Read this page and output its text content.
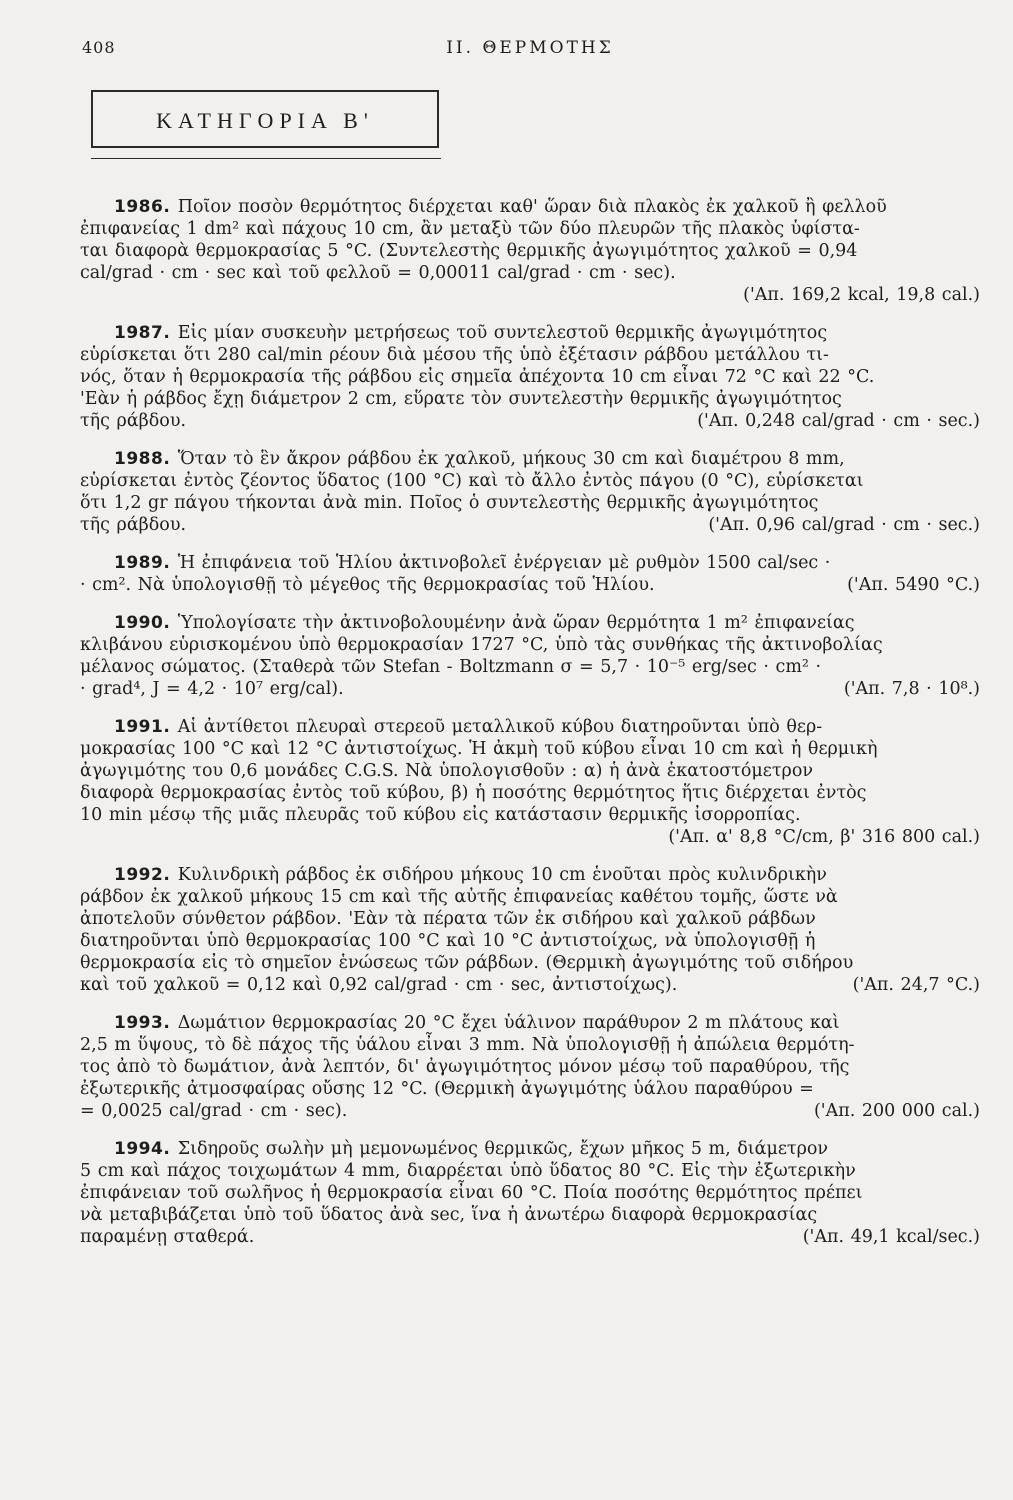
408	II. ΘΕΡΜΟΤΗΣ
ΚΑΤΗΓΟΡΙΑ Β'
1986. Ποῖον ποσὸν θερμότητος διέρχεται καθ' ὥραν διὰ πλακὸς ἐκ χαλκοῦ ἢ φελλοῦ
ἐπιφανείας 1 dm² καὶ πάχους 10 cm, ἂν μεταξὺ τῶν δύο πλευρῶν τῆς πλακὸς ὑφίστα-
ται διαφορὰ θερμοκρασίας 5 °C. (Συντελεστὴς θερμικῆς ἀγωγιμότητος χαλκοῦ = 0,94
cal/grad · cm · sec καὶ τοῦ φελλοῦ = 0,00011 cal/grad · cm · sec).
('Απ. 169,2 kcal, 19,8 cal.)
1987. Εἰς μίαν συσκευὴν μετρήσεως τοῦ συντελεστοῦ θερμικῆς ἀγωγιμότητος
εὑρίσκεται ὅτι 280 cal/min ρέουν διὰ μέσου τῆς ὑπὸ ἐξέτασιν ράβδου μετάλλου τι-
νός, ὅταν ἡ θερμοκρασία τῆς ράβδου εἰς σημεῖα ἀπέχοντα 10 cm εἶναι 72 °C καὶ 22 °C.
'Εὰν ἡ ράβδος ἔχῃ διάμετρον 2 cm, εὕρατε τὸν συντελεστὴν θερμικῆς ἀγωγιμότητος
τῆς ράβδου.	('Απ. 0,248 cal/grad · cm · sec.)
1988. Ὅταν τὸ ἓν ἄκρον ράβδου ἐκ χαλκοῦ, μήκους 30 cm καὶ διαμέτρου 8 mm,
εὑρίσκεται ἐντὸς ζέοντος ὕδατος (100 °C) καὶ τὸ ἄλλο ἐντὸς πάγου (0 °C), εὑρίσκεται
ὅτι 1,2 gr πάγου τήκονται ἀνὰ min. Ποῖος ὁ συντελεστὴς θερμικῆς ἀγωγιμότητος
τῆς ράβδου.	('Απ. 0,96 cal/grad · cm · sec.)
1989. Ἡ ἐπιφάνεια τοῦ Ἡλίου ἀκτινοβολεῖ ἐνέργειαν μὲ ρυθμὸν 1500 cal/sec ·
· cm². Νὰ ὑπολογισθῇ τὸ μέγεθος τῆς θερμοκρασίας τοῦ Ἡλίου.	('Απ. 5490 °C.)
1990. Ὑπολογίσατε τὴν ἀκτινοβολουμένην ἀνὰ ὥραν θερμότητα 1 m² ἐπιφανείας
κλιβάνου εὑρισκομένου ὑπὸ θερμοκρασίαν 1727 °C, ὑπὸ τὰς συνθήκας τῆς ἀκτινοβολίας
μέλανος σώματος. (Σταθερὰ τῶν Stefan - Boltzmann σ = 5,7 · 10⁻⁵ erg/sec · cm² ·
· grad⁴, J = 4,2 · 10⁷ erg/cal).	('Απ. 7,8 · 10⁸.)
1991. Αἱ ἀντίθετοι πλευραὶ στερεοῦ μεταλλικοῦ κύβου διατηροῦνται ὑπὸ θερ-
μοκρασίας 100 °C καὶ 12 °C ἀντιστοίχως. Ἡ ἀκμὴ τοῦ κύβου εἶναι 10 cm καὶ ἡ θερμικὴ
ἀγωγιμότης του 0,6 μονάδες C.G.S. Νὰ ὑπολογισθοῦν : α) ἡ ἀνὰ ἑκατοστόμετρον
διαφορὰ θερμοκρασίας ἐντὸς τοῦ κύβου, β) ἡ ποσότης θερμότητος ἥτις διέρχεται ἐντὸς
10 min μέσῳ τῆς μιᾶς πλευρᾶς τοῦ κύβου εἰς κατάστασιν θερμικῆς ἰσορροπίας.
('Απ. α' 8,8 °C/cm, β' 316 800 cal.)
1992. Κυλινδρικὴ ράβδος ἐκ σιδήρου μήκους 10 cm ἑνοῦται πρὸς κυλινδρικὴν
ράβδον ἐκ χαλκοῦ μήκους 15 cm καὶ τῆς αὐτῆς ἐπιφανείας καθέτου τομῆς, ὥστε νὰ
ἀποτελοῦν σύνθετον ράβδον. 'Εὰν τὰ πέρατα τῶν ἐκ σιδήρου καὶ χαλκοῦ ράβδων
διατηροῦνται ὑπὸ θερμοκρασίας 100 °C καὶ 10 °C ἀντιστοίχως, νὰ ὑπολογισθῇ ἡ
θερμοκρασία εἰς τὸ σημεῖον ἑνώσεως τῶν ράβδων. (Θερμικὴ ἀγωγιμότης τοῦ σιδήρου
καὶ τοῦ χαλκοῦ = 0,12 καὶ 0,92 cal/grad · cm · sec, ἀντιστοίχως).	('Απ. 24,7 °C.)
1993. Δωμάτιον θερμοκρασίας 20 °C ἔχει ὑάλινον παράθυρον 2 m πλάτους καὶ
2,5 m ὕψους, τὸ δὲ πάχος τῆς ὑάλου εἶναι 3 mm. Νὰ ὑπολογισθῇ ἡ ἀπώλεια θερμότη-
τος ἀπὸ τὸ δωμάτιον, ἀνὰ λεπτόν, δι' ἀγωγιμότητος μόνον μέσῳ τοῦ παραθύρου, τῆς
ἐξωτερικῆς ἀτμοσφαίρας οὔσης 12 °C. (Θερμικὴ ἀγωγιμότης ὑάλου παραθύρου =
= 0,0025 cal/grad · cm · sec).	('Απ. 200 000 cal.)
1994. Σιδηροῦς σωλὴν μὴ μεμονωμένος θερμικῶς, ἔχων μῆκος 5 m, διάμετρον
5 cm καὶ πάχος τοιχωμάτων 4 mm, διαρρέεται ὑπὸ ὕδατος 80 °C. Εἰς τὴν ἐξωτερικὴν
ἐπιφάνειαν τοῦ σωλῆνος ἡ θερμοκρασία εἶναι 60 °C. Ποία ποσότης θερμότητος πρέπει
νὰ μεταβιβάζεται ὑπὸ τοῦ ὕδατος ἀνὰ sec, ἵνα ἡ ἀνωτέρω διαφορὰ θερμοκρασίας
παραμένῃ σταθερά.	('Απ. 49,1 kcal/sec.)
